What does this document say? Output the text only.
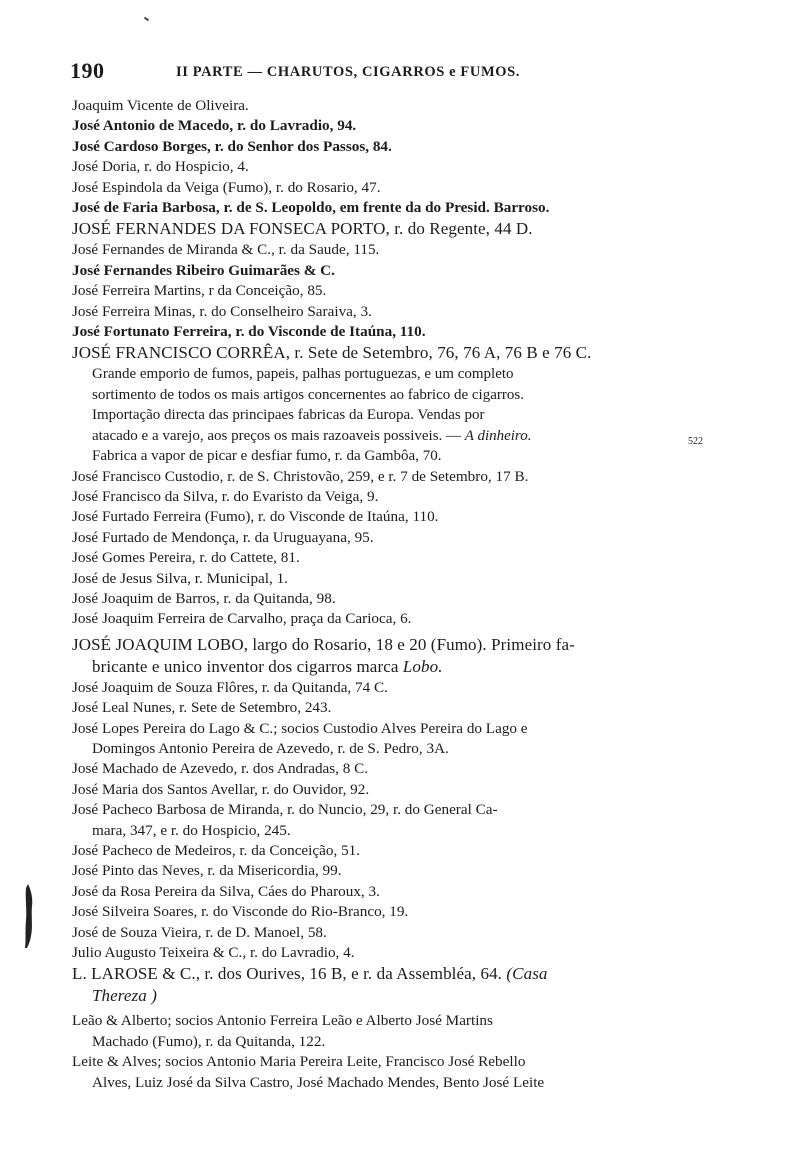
190	II PARTE — CHARUTOS, CIGARROS e FUMOS.
Joaquim Vicente de Oliveira.
José Antonio de Macedo, r. do Lavradio, 94.
José Cardoso Borges, r. do Senhor dos Passos, 84.
José Doria, r. do Hospicio, 4.
José Espindola da Veiga (Fumo), r. do Rosario, 47.
José de Faria Barbosa, r. de S. Leopoldo, em frente da do Presid. Barroso.
JOSÉ FERNANDES DA FONSECA PORTO, r. do Regente, 44 D.
José Fernandes de Miranda & C., r. da Saude, 115.
José Fernandes Ribeiro Guimarães & C.
José Ferreira Martins, r da Conceição, 85.
José Ferreira Minas, r. do Conselheiro Saraiva, 3.
José Fortunato Ferreira, r. do Visconde de Itaúna, 110.
JOSÉ FRANCISCO CORRÊA, r. Sete de Setembro, 76, 76 A, 76 B e 76 C.
Grande emporio de fumos, papeis, palhas portuguezas, e um completo
sortimento de todos os mais artigos concernentes ao fabrico de cigarros.
Importação directa das principaes fabricas da Europa. Vendas por
atacado e a varejo, aos preços os mais razoaveis possiveis. — A dinheiro.
Fabrica a vapor de picar e desfiar fumo, r. da Gambôa, 70.
522
José Francisco Custodio, r. de S. Christovão, 259, e r. 7 de Setembro, 17 B.
José Francisco da Silva, r. do Evaristo da Veiga, 9.
José Furtado Ferreira (Fumo), r. do Visconde de Itaúna, 110.
José Furtado de Mendonça, r. da Uruguayana, 95.
José Gomes Pereira, r. do Cattete, 81.
José de Jesus Silva, r. Municipal, 1.
José Joaquim de Barros, r. da Quitanda, 98.
José Joaquim Ferreira de Carvalho, praça da Carioca, 6.
JOSÉ JOAQUIM LOBO, largo do Rosario, 18 e 20 (Fumo). Primeiro fa-
bricante e unico inventor dos cigarros marca Lobo.
José Joaquim de Souza Flôres, r. da Quitanda, 74 C.
José Leal Nunes, r. Sete de Setembro, 243.
José Lopes Pereira do Lago & C.; socios Custodio Alves Pereira do Lago e
Domingos Antonio Pereira de Azevedo, r. de S. Pedro, 3A.
José Machado de Azevedo, r. dos Andradas, 8 C.
José Maria dos Santos Avellar, r. do Ouvidor, 92.
José Pacheco Barbosa de Miranda, r. do Nuncio, 29, r. do General Ca-
mara, 347, e r. do Hospicio, 245.
José Pacheco de Medeiros, r. da Conceição, 51.
José Pinto das Neves, r. da Misericordia, 99.
José da Rosa Pereira da Silva, Cáes do Pharoux, 3.
José Silveira Soares, r. do Visconde do Rio-Branco, 19.
José de Souza Vieira, r. de D. Manoel, 58.
Julio Augusto Teixeira & C., r. do Lavradio, 4.
L. LAROSE & C., r. dos Ourives, 16 B, e r. da Assembléa, 64. (Casa
Thereza )
Leão & Alberto; socios Antonio Ferreira Leão e Alberto José Martins
Machado (Fumo), r. da Quitanda, 122.
Leite & Alves; socios Antonio Maria Pereira Leite, Francisco José Rebello
Alves, Luiz José da Silva Castro, José Machado Mendes, Bento José Leite
